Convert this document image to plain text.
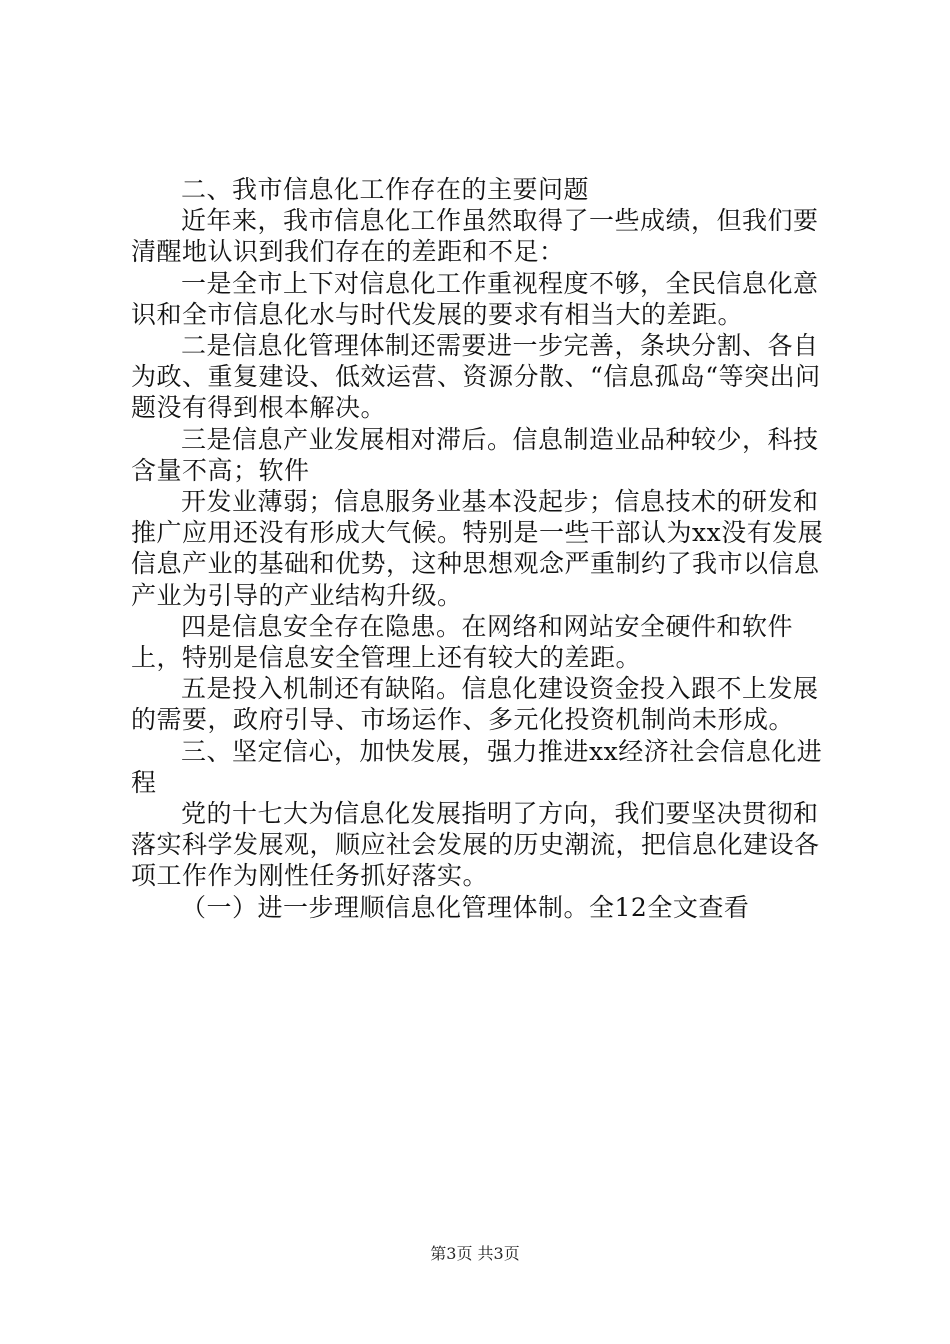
二、我市信息化工作存在的主要问题

近年来，我市信息化工作虽然取得了一些成绩，但我们要清醒地认识到我们存在的差距和不足：

一是全市上下对信息化工作重视程度不够，全民信息化意识和全市信息化水与时代发展的要求有相当大的差距。

二是信息化管理体制还需要进一步完善，条块分割、各自为政、重复建设、低效运营、资源分散、“信息孤岛“等突出问题没有得到根本解决。

三是信息产业发展相对滞后。信息制造业品种较少，科技含量不高；软件

开发业薄弱；信息服务业基本没起步；信息技术的研发和推广应用还没有形成大气候。特别是一些干部认为xx没有发展信息产业的基础和优势，这种思想观念严重制约了我市以信息产业为引导的产业结构升级。

四是信息安全存在隐患。在网络和网站安全硬件和软件上，特别是信息安全管理上还有较大的差距。

五是投入机制还有缺陷。信息化建设资金投入跟不上发展的需要，政府引导、市场运作、多元化投资机制尚未形成。

三、坚定信心，加快发展，强力推进xx经济社会信息化进程

党的十七大为信息化发展指明了方向，我们要坚决贯彻和落实科学发展观，顺应社会发展的历史潮流，把信息化建设各项工作作为刚性任务抓好落实。

（一）进一步理顺信息化管理体制。全12全文查看

第3页 共3页
